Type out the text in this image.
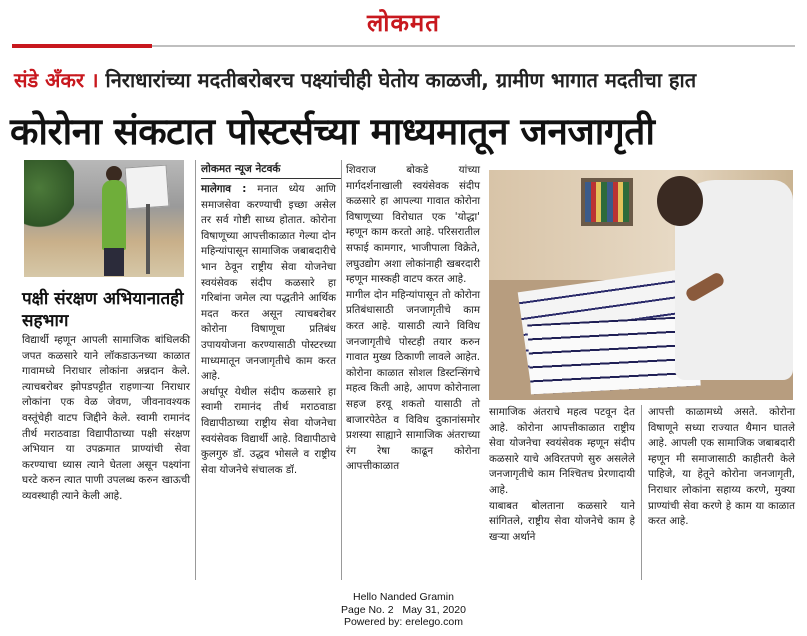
लोकमत
संडे अँकर । निराधारांच्या मदतीबरोबरच पक्ष्यांचीही घेतोय काळजी, ग्रामीण भागात मदतीचा हात
कोरोना संकटात पोस्टर्सच्या माध्यमातून जनजागृती
पक्षी संरक्षण अभियानातही सहभाग
विद्यार्थी म्हणून आपली सामाजिक बांधिलकी जपत कळसारे याने लॉकडाऊनच्या काळात गावामध्ये निराधार लोकांना अन्नदान केले. त्याचबरोबर झोपडपट्टीत राहणाऱ्या निराधार लोकांना एक वेळ जेवण, जीवनावश्यक वस्तूंचेही वाटप जिद्दीने केले. स्वामी रामानंद तीर्थ मराठवाडा विद्यापीठाच्या पक्षी संरक्षण अभियान या उपक्रमात प्राण्यांची सेवा करण्याचा ध्यास त्याने घेतला असून पक्ष्यांना घरटे करुन त्यात पाणी उपलब्ध करुन खाऊची व्यवस्थाही त्याने केली आहे.
लोकमत न्यूज नेटवर्क
मालेगाव : मनात ध्येय आणि समाजसेवा करण्याची इच्छा असेल तर सर्व गोष्टी साध्य होतात. कोरोना विषाणूच्या आपत्तीकाळात गेल्या दोन महिन्यांपासून सामाजिक जबाबदारीचे भान ठेवून राष्ट्रीय सेवा योजनेचा स्वयंसेवक संदीप कळसारे हा गरिबांना जमेल त्या पद्धतीने आर्थिक मदत करत असून त्याचबरोबर कोरोना विषाणूचा प्रतिबंध उपाययोजना करण्यासाठी पोस्टरच्या माध्यमातून जनजागृतीचे काम करत आहे.
अर्धापूर येथील संदीप कळसारे हा स्वामी रामानंद तीर्थ मराठवाडा विद्यापीठाच्या राष्ट्रीय सेवा योजनेचा स्वयंसेवक विद्यार्थी आहे. विद्यापीठाचे कुलगुरु डॉ. उद्धव भोसले व राष्ट्रीय सेवा योजनेचे संचालक डॉ.
शिवराज बोकडे यांच्या मार्गदर्शनाखाली स्वयंसेवक संदीप कळसारे हा आपल्या गावात कोरोना विषाणूच्या विरोधात एक 'योद्धा' म्हणून काम करतो आहे. परिसरातील सफाई कामगार, भाजीपाला विक्रेते, लघुउद्योग अशा लोकांनाही खबरदारी म्हणून मास्कही वाटप करत आहे.
मागील दोन महिन्यांपासून तो कोरोना प्रतिबंधासाठी जनजागृतीचे काम करत आहे. यासाठी त्याने विविध जनजागृतीचे पोस्टही तयार करुन गावात मुख्य ठिकाणी लावले आहेत. कोरोना काळात सोशल डिस्टन्सिंगचे महत्व किती आहे, आपण कोरोनाला सहज हरवू शकतो यासाठी तो बाजारपेठेत व विविध दुकानांसमोर प्रशस्या साह्याने सामाजिक अंतराच्या रंग रेषा काढून कोरोना आपत्तीकाळात
सामाजिक अंतराचे महत्व पटवून देत आहे. कोरोना आपत्तीकाळात राष्ट्रीय सेवा योजनेचा स्वयंसेवक म्हणून संदीप कळसारे याचे अविरतपणे सुरु असलेले जनजागृतीचे काम निश्चितच प्रेरणादायी आहे.
याबाबत बोलताना कळसारे याने सांगितले, राष्ट्रीय सेवा योजनेचे काम हे खऱ्या अर्थाने
आपत्ती काळामध्ये असते. कोरोना विषाणूने सध्या राज्यात थैमान घातले आहे. आपली एक सामाजिक जबाबदारी म्हणून मी समाजासाठी काहीतरी केले पाहिजे, या हेतूने कोरोना जनजागृती, निराधार लोकांना सहाय्य करणे, मुक्या प्राण्यांची सेवा करणे हे काम या काळात करत आहे.
Hello Nanded Gramin
Page No. 2   May 31, 2020
Powered by: erelego.com
